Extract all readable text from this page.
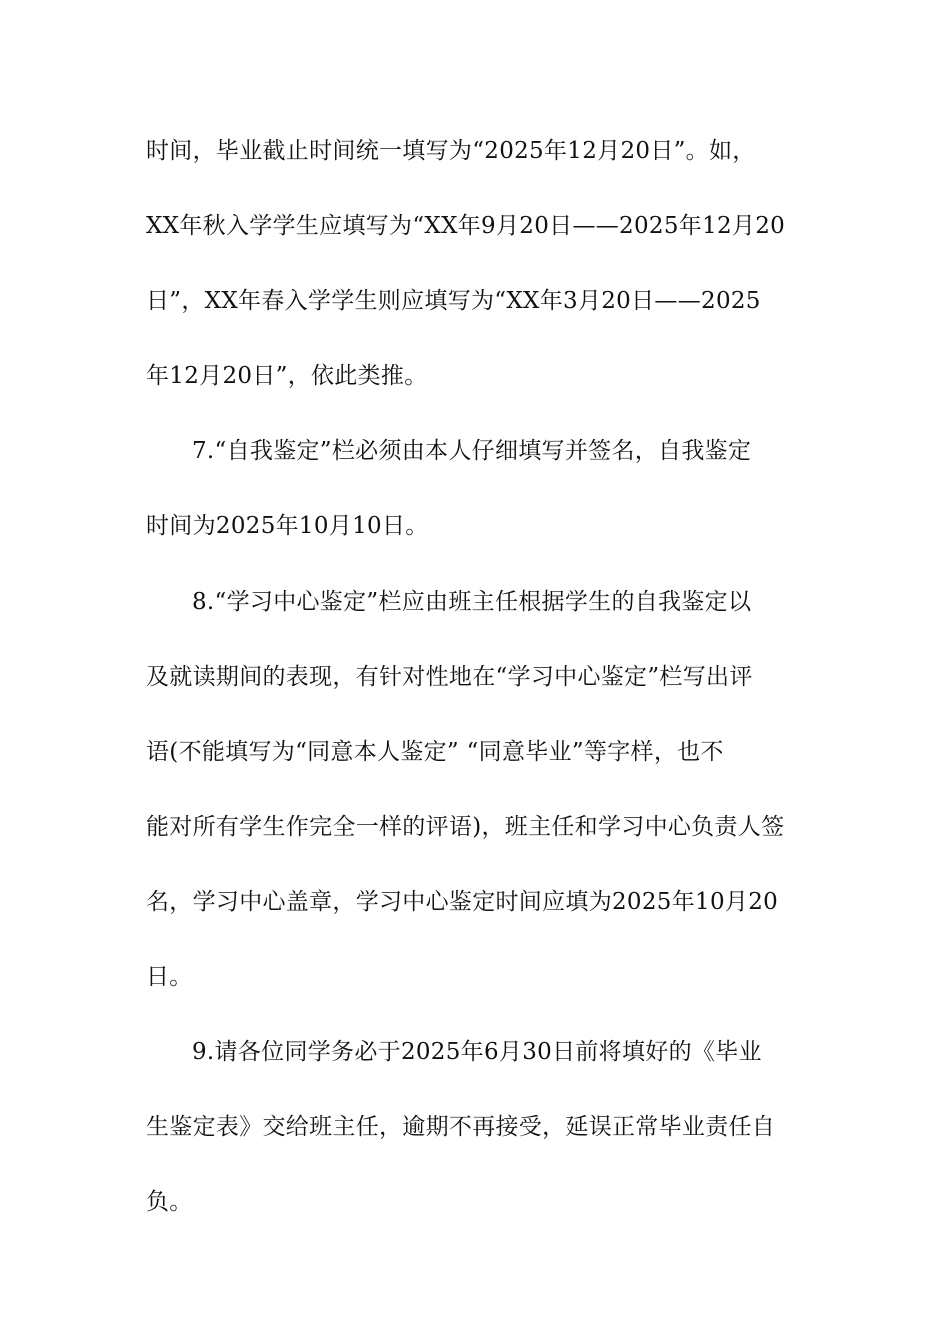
时间，毕业截止时间统一填写为“2025年12月20日”。如，
XX年秋入学学生应填写为“XX年9月20日——2025年12月20
日”，XX年春入学学生则应填写为“XX年3月20日——2025
年12月20日”，依此类推。
7.“自我鉴定”栏必须由本人仔细填写并签名，自我鉴定
时间为2025年10月10日。
8.“学习中心鉴定”栏应由班主任根据学生的自我鉴定以
及就读期间的表现，有针对性地在“学习中心鉴定”栏写出评
语(不能填写为“同意本人鉴定” “同意毕业”等字样，也不
能对所有学生作完全一样的评语)，班主任和学习中心负责人签
名，学习中心盖章，学习中心鉴定时间应填为2025年10月20
日。
9.请各位同学务必于2025年6月30日前将填好的《毕业
生鉴定表》交给班主任，逾期不再接受，延误正常毕业责任自
负。
